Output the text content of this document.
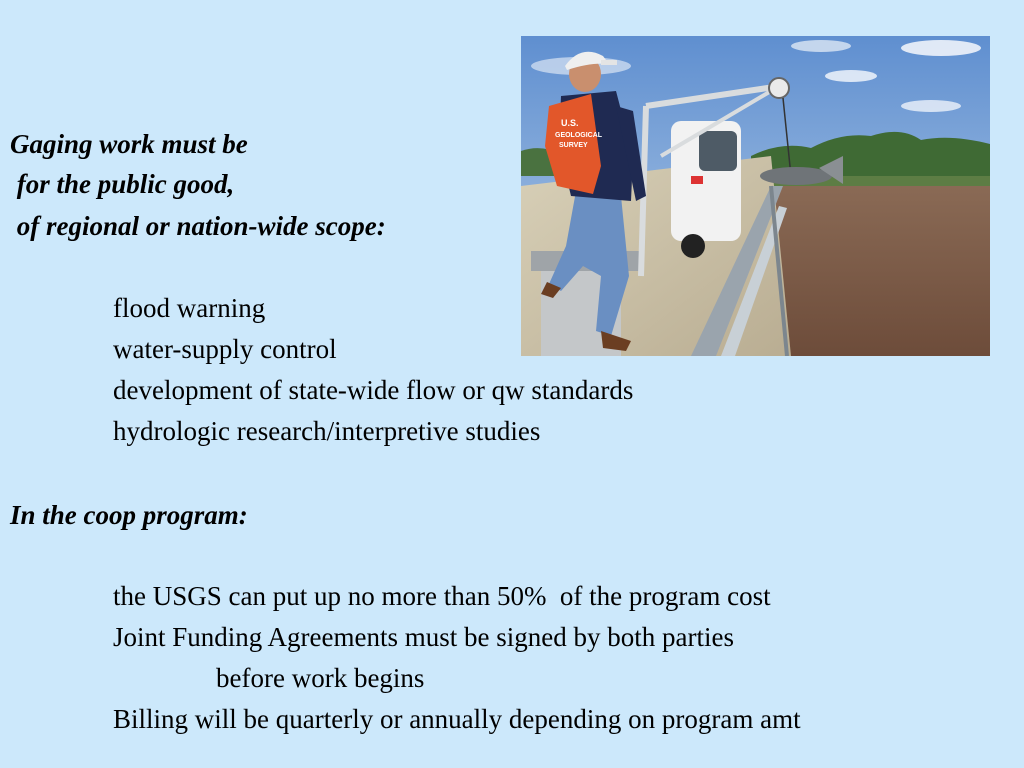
Gaging work must be
for the public good,
of regional or nation-wide scope:
flood warning
water-supply control
development of state-wide flow or qw standards
hydrologic research/interpretive studies
In the coop program:
the USGS can put up no more than 50%  of the program cost
Joint Funding Agreements must be signed by both parties
before work begins
Billing will be quarterly or annually depending on program amt
U.S.
GEOLOGICAL
SURVEY
